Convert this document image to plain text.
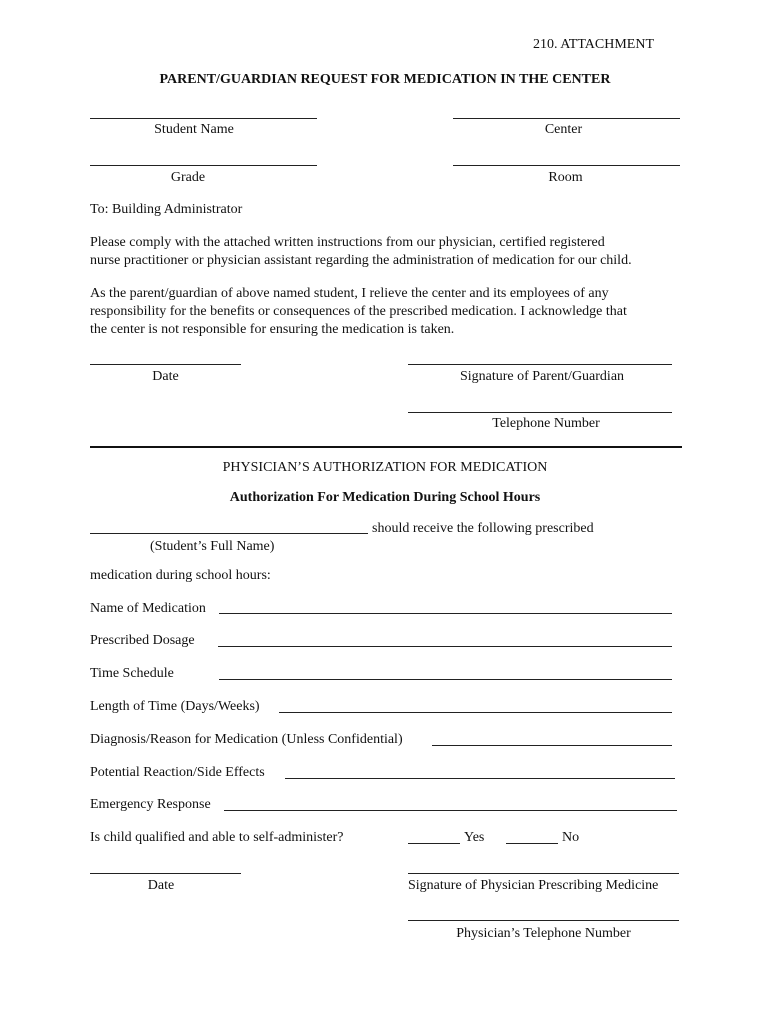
210. ATTACHMENT
PARENT/GUARDIAN REQUEST FOR MEDICATION IN THE CENTER
Student Name	Center
Grade	Room
To: Building Administrator
Please comply with the attached written instructions from our physician, certified registered
nurse practitioner or physician assistant regarding the administration of medication for our child.
As the parent/guardian of above named student, I relieve the center and its employees of any
responsibility for the benefits or consequences of the prescribed medication. I acknowledge that
the center is not responsible for ensuring the medication is taken.
Date	Signature of Parent/Guardian
Telephone Number
PHYSICIAN’S AUTHORIZATION FOR MEDICATION
Authorization For Medication During School Hours
should receive the following prescribed
(Student’s Full Name)
medication during school hours:
Name of Medication
Prescribed Dosage
Time Schedule
Length of Time (Days/Weeks)
Diagnosis/Reason for Medication (Unless Confidential)
Potential Reaction/Side Effects
Emergency Response
Is child qualified and able to self-administer?	Yes	No
Date	Signature of Physician Prescribing Medicine
Physician’s Telephone Number
